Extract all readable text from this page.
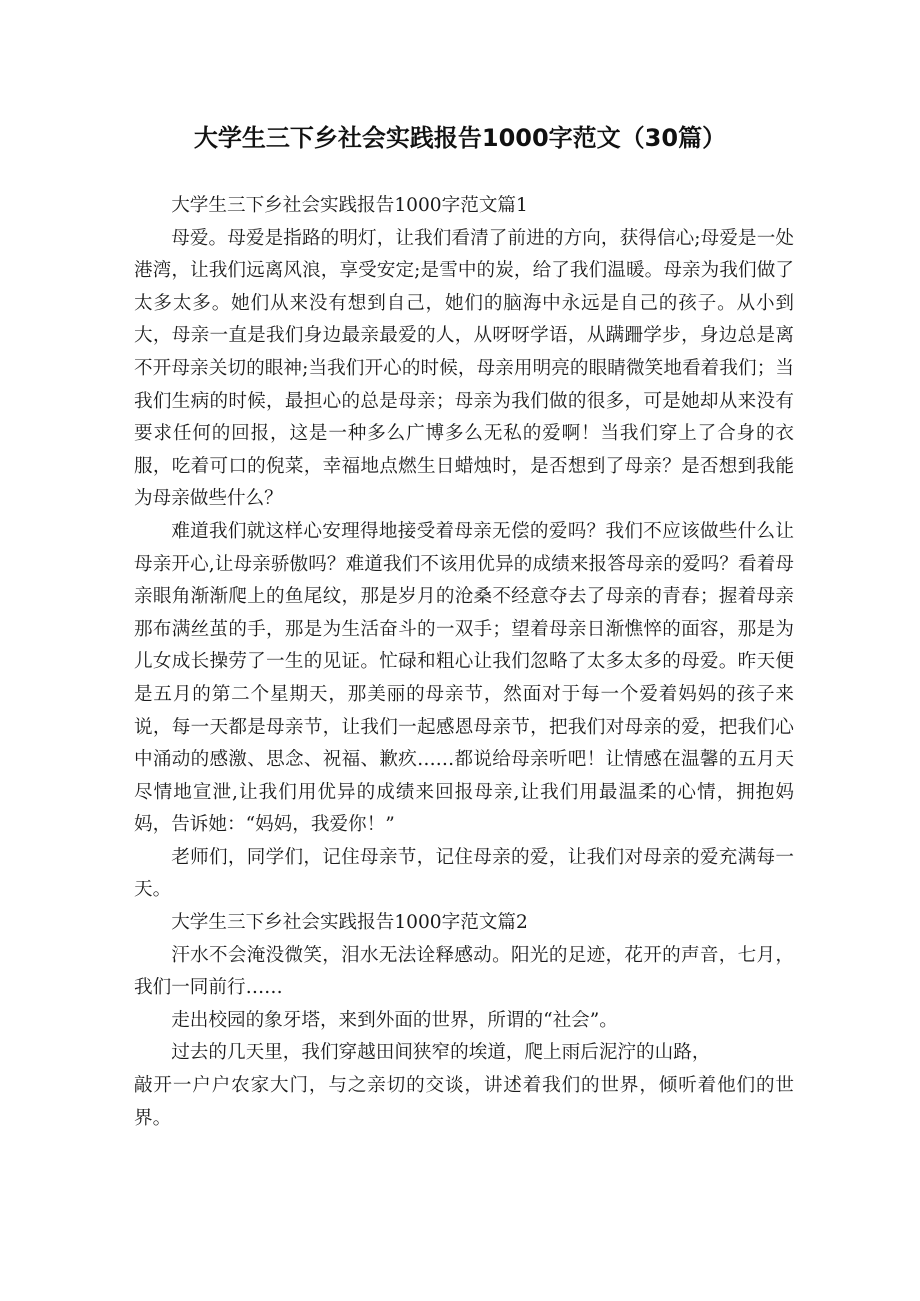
大学生三下乡社会实践报告1000字范文（30篇）

大学生三下乡社会实践报告1000字范文篇1

母爱。母爱是指路的明灯，让我们看清了前进的方向，获得信心;母爱是一处港湾，让我们远离风浪，享受安定;是雪中的炭，给了我们温暖。母亲为我们做了太多太多。她们从来没有想到自己，她们的脑海中永远是自己的孩子。从小到大，母亲一直是我们身边最亲最爱的人，从呀呀学语，从蹒跚学步，身边总是离不开母亲关切的眼神;当我们开心的时候，母亲用明亮的眼睛微笑地看着我们；当我们生病的时候，最担心的总是母亲；母亲为我们做的很多，可是她却从来没有要求任何的回报，这是一种多么广博多么无私的爱啊！当我们穿上了合身的衣服，吃着可口的倪菜，幸福地点燃生日蜡烛时，是否想到了母亲？是否想到我能为母亲做些什么？

难道我们就这样心安理得地接受着母亲无偿的爱吗？我们不应该做些什么让母亲开心,让母亲骄傲吗？难道我们不该用优异的成绩来报答母亲的爱吗？看着母亲眼角渐渐爬上的鱼尾纹，那是岁月的沧桑不经意夺去了母亲的青春；握着母亲那布满丝茧的手，那是为生活奋斗的一双手；望着母亲日渐憔悴的面容，那是为儿女成长操劳了一生的见证。忙碌和粗心让我们忽略了太多太多的母爱。昨天便是五月的第二个星期天，那美丽的母亲节，然面对于每一个爱着妈妈的孩子来说，每一天都是母亲节，让我们一起感恩母亲节，把我们对母亲的爱，把我们心中涌动的感激、思念、祝福、歉疚……都说给母亲听吧！让情感在温馨的五月天尽情地宣泄,让我们用优异的成绩来回报母亲,让我们用最温柔的心情，拥抱妈妈，告诉她：“妈妈，我爱你！”

老师们，同学们，记住母亲节，记住母亲的爱，让我们对母亲的爱充满每一天。

大学生三下乡社会实践报告1000字范文篇2

汗水不会淹没微笑，泪水无法诠释感动。阳光的足迹，花开的声音，七月，我们一同前行……

走出校园的象牙塔，来到外面的世界，所谓的“社会”。

过去的几天里，我们穿越田间狭窄的埃道，爬上雨后泥泞的山路，

敲开一户户农家大门，与之亲切的交谈，讲述着我们的世界，倾听着他们的世界。
